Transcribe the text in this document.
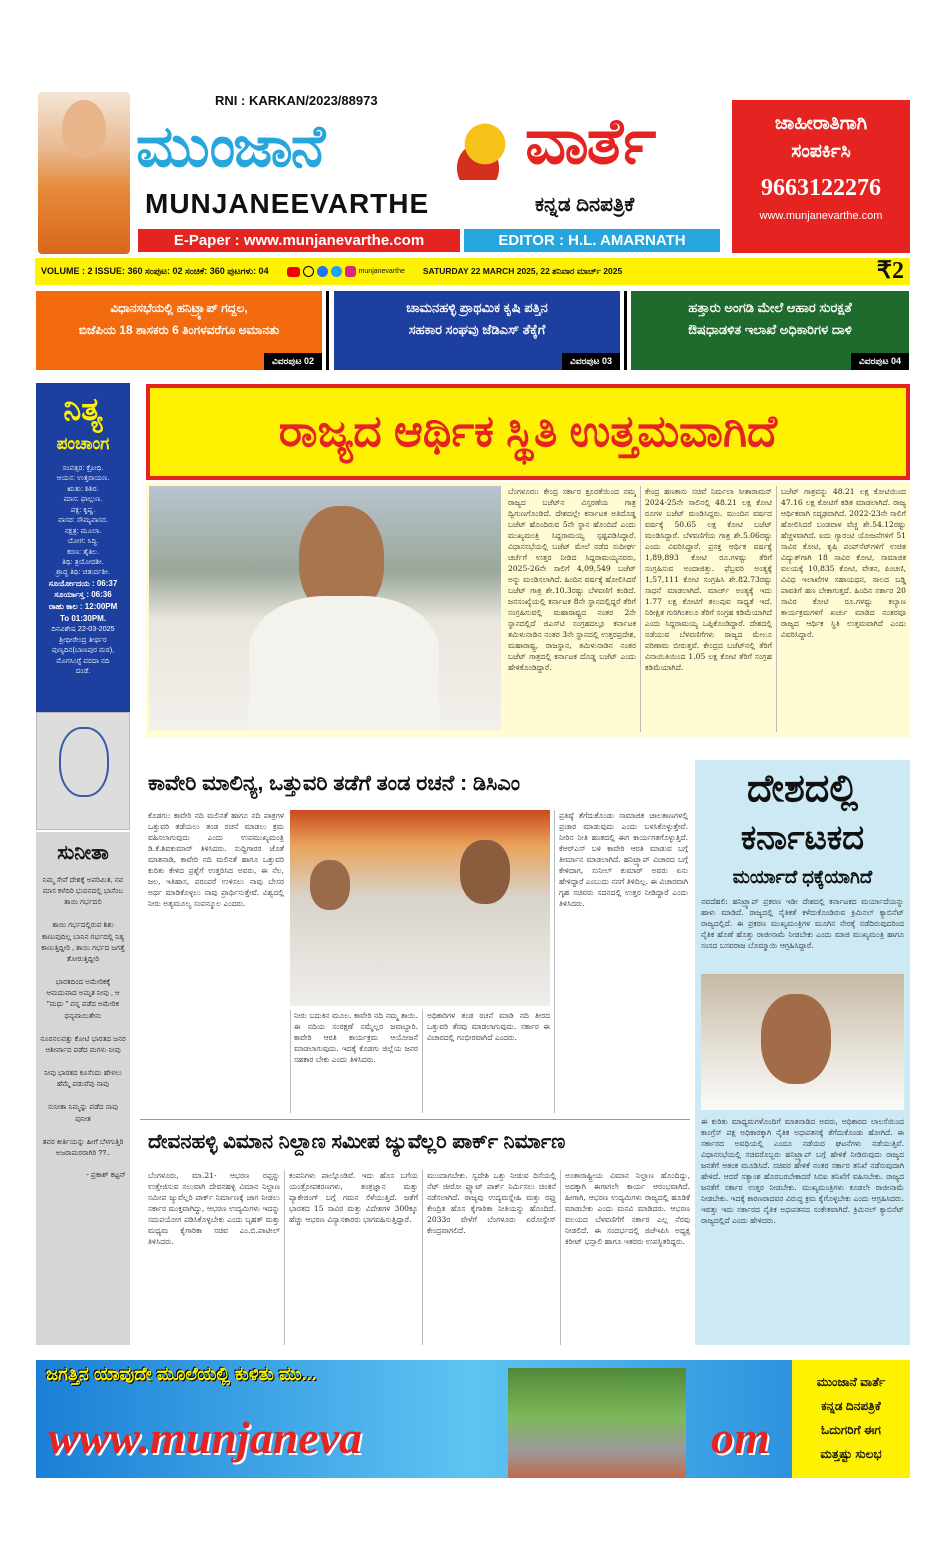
RNI : KARKAN/2023/88973
ಮುಂಜಾನೆ	ವಾರ್ತೆ
MUNJANEEVARTHE	ಕನ್ನಡ ದಿನಪತ್ರಿಕೆ
E-Paper : www.munjanevarthe.com	EDITOR : H.L. AMARNATH
ಜಾಹೀರಾತಿಗಾಗಿ
ಸಂಪರ್ಕಿಸಿ
9663122276
www.munjanevarthe.com
VOLUME : 2 ISSUE: 360 ಸಂಪುಟ: 02 ಸಂಚಿಕೆ: 360 ಪುಟಗಳು: 04	munjanevarthe SATURDAY 22 MARCH 2025, 22 ಶನಿವಾರ ಮಾರ್ಚ್ 2025	₹2
ವಿಧಾನಸಭೆಯಲ್ಲಿ ಹನಿಟ್ರ್ಯಾಪ್ ಗದ್ದಲ,
ಬಿಜೆಪಿಯ 18 ಶಾಸಕರು 6 ತಿಂಗಳವರೆಗೂ ಅಮಾನತು
ವಿವರಪುಟ 02
ಚಾಮನಹಳ್ಳಿ ಪ್ರಾಥಮಿಕ ಕೃಷಿ ಪತ್ತಿನ
ಸಹಕಾರ ಸಂಘವು ಜೆಡಿಎಸ್ ತೆಕ್ಕೆಗೆ
ವಿವರಪುಟ 03
ಹತ್ತಾರು ಅಂಗಡಿ ಮೇಲೆ ಆಹಾರ ಸುರಕ್ಷತೆ
ಔಷಧಾಡಳಿತ ಇಲಾಖೆ ಅಧಿಕಾರಿಗಳ ದಾಳಿ
ವಿವರಪುಟ 04
ನಿತ್ಯ
ಪಂಚಾಂಗ
ಸಂವತ್ಸರ: ಕ್ರೋಧಿ.
ಆಯನ: ಉತ್ತರಾಯಣ.
ಋತು: ಶಿಶಿರ.
ಮಾಸ: ಫಾಲ್ಗುಣ.
ಪಕ್ಷ: ಕೃಷ್ಣ.
ವಾಸರ: ಸೌಮ್ಯವಾಸರ.
ನಕ್ಷತ್ರ: ಮೂಲಾ.
ಯೋಗ: ಸಿದ್ಧಿ.
ಕರಣ: ತೈತಿಲ.
ತಿಥಿ: ತ್ರಯೋದಶೀ.
ಶ್ರಾದ್ಧ ತಿಥಿ: ಚತುರ್ದಶೀ.
ಸೂರ್ಯೋದಯ : 06:37
ಸೂರ್ಯಾಸ್ತ : 06:36
ರಾಹು ಕಾಲ : 12:00PM
To 01:30PM.
ದಿನವಿಶೇಷ 22-03-2025
ಶ್ರೀಧೀರೇಂದ್ರ ತೀರ್ಥರ
ಪುಣ್ಯದಿನ(ಬಾಣಪುರ ಮಠ),
ಮೊಗಸಿಂಗ್ಟೆ ವರದಾ ನದಿ
ದಂಡೆ.
ಸುನೀತಾ
ನಿಮ್ಮ ಸೇವೆ ದೇಶಕ್ಕೆ ಅಪರಿಮಿತ, ನವ ಮಾಸ ಕಳೆದಿರಿ ಭುವನದಲ್ಲಿ ಭಾಸೆಂಬ ತಾಯಿ ಗರ್ಭದಲಿ
ತಾಯಿ ಗರ್ಭದಲ್ಲಿರುವ ಶಿಶು ಕಾಣುವುದಿಲ್ಲ ಬಾನಿನ ಗರ್ಭದಲ್ಲಿ ನಿತ್ಯ ಕಾಣುತ್ತಿದ್ದೀರಿ , ತಾಯಿ ಗರ್ಭದ ಜಗತ್ತೆ ತೋರುತ್ತಿದ್ದೀರಿ
ಭಾರತದಿಂದ ಅಮೇರಿಕಕ್ಕೆ ಆಮದುವಾದ ಅಮೃತ ನೀವು , ಆ ''ಮಧು '' ವನ್ನ ಪಡೆದ ಅಮೇರಿಕ ಧನ್ಯವಾಯಿತೇನು
ನೂರನಲವತ್ತು ಕೋಟಿ ಭಾರತದ ಜನರ ಆಶೀರ್ವಾದ ಪಡೆದ ಮಗಳು ನೀವು
ನೀವು ಭಾರತದ ಕೂಸೆಂದು ಹೇಳಲು ಹೆಮ್ಮೆ ಪಡುವೆವು ನಾವು
ಸುನೀತಾ ನಿಮ್ಮನ್ನು ಪಡೆದ ನಾವು ಪುನೀತ
ತವರ ಕೀರ್ತಿಯನ್ನು ಹೀಗೆ ಬೆಳಗುತ್ತಿರಿ ಅಜರಾಮರರಾಗಿರಿ ??..
- ಪ್ರಕಾಶ್ ಕಟ್ಟನ್
ರಾಜ್ಯದ ಆರ್ಥಿಕ ಸ್ಥಿತಿ ಉತ್ತಮವಾಗಿದೆ
ಬೆಂಗಳೂರು: ಕೇಂದ್ರ ಸರ್ಕಾರ ಕ್ರೂರತೆಯಿಂದ ನಮ್ಮ ರಾಜ್ಯದ ಬಜೆಟ್‌ನ ವಿಸ್ತರಣೆಯ ಗಾತ್ರ ದ್ವಿಗುಣಗೊಂಡಿದೆ. ದೇಶದಲ್ಲೇ ಕರ್ನಾಟಕ ಅತಿದೊಡ್ಡ ಬಜೆಟ್ ಹೊಂದಿರುವ 5ನೇ ಸ್ಥಾನ ಹೊಂದಿದೆ ಎಂದು ಮುಖ್ಯಮಂತ್ರಿ ಸಿದ್ದರಾಮಯ್ಯ ಸ್ಪಷ್ಟಪಡಿಸಿದ್ದಾರೆ. ವಿಧಾನಸಭೆಯಲ್ಲಿ ಬಜೆಟ್ ಮೇಲೆ ನಡೆದ ಸುದೀರ್ಘ ಚರ್ಚೆಗೆ ಉತ್ತರ ನೀಡಿದ ಸಿದ್ದರಾಮಯ್ಯನವರು, 2025-26ನೇ ಸಾಲಿಗೆ 4,09,549 ಬಜೆಟ್ ಅನ್ನು ಮಂಡಿಸಲಾಗಿದೆ. ಹಿಂದಿನ ವರ್ಷಕ್ಕೆ ಹೋಲಿಸಿದರೆ ಬಜೆಟ್ ಗಾತ್ರ ಶೇ.10.3ರಷ್ಟು ಬೆಳವಣಿಗೆ ಕಂಡಿದೆ. ಜನಸಂಖ್ಯೆಯಲ್ಲಿ ಕರ್ನಾಟಕ 8ನೇ ಸ್ಥಾನದಲ್ಲಿದ್ದರೆ ತೆರಿಗೆ ಸಂಗ್ರಹಿಸುವಲ್ಲಿ ಮಹಾರಾಷ್ಟ್ರದ ನಂತರ 2ನೇ ಸ್ಥಾನದಲ್ಲಿದೆ ಜಿಎಸ್‌ಟಿ ಸಂಗ್ರಹದಲ್ಲೂ ಕರ್ನಾಟಕ ತಮಿಳುನಾಡಿನ ನಂತರ 3ನೇ ಸ್ಥಾನದಲ್ಲಿ ಉತ್ತರಪ್ರದೇಶ, ಮಹಾರಾಷ್ಟ್ರ, ರಾಜಸ್ಥಾನ, ತಮಿಳುನಾಡಿನ ನಂತರ ಬಜೆಟ್ ಗಾತ್ರದಲ್ಲಿ ಕರ್ನಾಟಕ ದೊಡ್ಡ ಬಜೆಟ್ ಎಂದು ಹೇಳಿಕೊಂಡಿದ್ದಾರೆ.
ಕೇಂದ್ರ ಹಣಕಾಸು ಸಚಿವೆ ನಿರ್ಮಲಾ ಸೀತಾರಾಮನ್ 2024-25ನೇ ಸಾಲಿನಲ್ಲಿ 48.21 ಲಕ್ಷ ಕೋಟಿ ರೂಗಳ ಬಜೆಟ್ ಮಂಡಿಸಿದ್ದರು. ಮುಂದಿನ ವರ್ಷದ ವರ್ಷಕ್ಕೆ 50.65 ಲಕ್ಷ ಕೋಟಿ ಬಜೆಟ್ ಮಂಡಿಸಿದ್ದಾರೆ. ಬೆಳವಣಿಗೆಯ ಗಾತ್ರ ಶೇ.5.06ರಷ್ಟು ಎಂದು ವಿವರಿಸಿದ್ದಾರೆ. ಪ್ರಸಕ್ತ ಆರ್ಥಿಕ ವರ್ಷಕ್ಕೆ 1,89,893 ಕೋಟಿ ರೂ.ಗಳಷ್ಟು ತೆರಿಗೆ ಸಂಗ್ರಹಿಸುವ ಅಂದಾಜಿತ್ತು. ಫೆಬ್ರವರಿ ಅಂತ್ಯಕ್ಕೆ 1,57,111 ಕೋಟಿ ಸಂಗ್ರಹಿಸಿ ಶೇ.82.73ರಷ್ಟು ಸಾಧನೆ ಮಾಡಲಾಗಿದೆ. ಮಾರ್ಚ್ ಅಂತ್ಯಕ್ಕೆ ಇದು 1.77 ಲಕ್ಷ ಕೋಟಿಗೆ ತಲುಪುವ ಸಾಧ್ಯತೆ ಇದೆ. ನಿರೀಕ್ಷಿತ ಗುರಿಗಿಂತಲೂ ತೆರಿಗೆ ಸಂಗ್ರಹ ಕಡಿಮೆಯಾಗಿದೆ ಎಂದು ಸಿದ್ದರಾಮಯ್ಯ ಒಪ್ಪಿಕೊಂಡಿದ್ದಾರೆ. ದೇಶದಲ್ಲಿ ನಡೆಯುವ ಬೆಳವಣಿಗೆಗಳು ರಾಜ್ಯದ ಮೇಲೂ ಪರಿಣಾಮ ಬೀರುತ್ತವೆ. ಕೇಂದ್ರದ ಬಜೆಟ್‌ನಲ್ಲಿ ತೆರಿಗೆ ವಿನಾಯಿತಿಯಿಂದ 1.05 ಲಕ್ಷ ಕೋಟಿ ತೆರಿಗೆ ಸಂಗ್ರಹ ಕಡಿಮೆಯಾಗಿದೆ.
ಬಜೆಟ್ ಗಾತ್ರವನ್ನು 48.21 ಲಕ್ಷ ಕೋಟಿಯಿಂದ 47.16 ಲಕ್ಷ ಕೋಟಿಗೆ ಕಡಿತ ಮಾಡಲಾಗಿದೆ. ರಾಜ್ಯ ಆರ್ಥಿಕವಾಗಿ ಸದೃಢವಾಗಿದೆ. 2022-23ನೇ ಸಾಲಿಗೆ ಹೋಲಿಸಿದರೆ ಬಂಡವಾಳ ವೆಚ್ಚ ಶೇ.54.12ರಷ್ಟು ಹೆಚ್ಚಳವಾಗಿದೆ. ಐದು ಗ್ಯಾರಂಟಿ ಯೋಜನೆಗಳಿಗೆ 51 ಸಾವಿರ ಕೋಟಿ, ಕೃಷಿ ಪಂಪ್‌ಸೆಟ್‌ಗಳಿಗೆ ಉಚಿತ ವಿದ್ಯುತ್‌ಗಾಗಿ 18 ಸಾವಿರ ಕೋಟಿ, ಸಾಮಾಜಿಕ ವಲಯಕ್ಕೆ 10,835 ಕೋಟಿ, ವೇತನ, ಪಿಂಚಣಿ, ವಿವಿಧ ಇಲಾಖೆಗಳ ಸಹಾಯಧನ, ಸಾಲದ ಬಡ್ಡಿ ಪಾವತಿಗೆ ಹಣ ಬೇಕಾಗುತ್ತದೆ. ಹಿಂದಿನ ಸರ್ಕಾರ 20 ಸಾವಿರ ಕೋಟಿ ರೂ.ಗಳಷ್ಟು ಕಲ್ಯಾಣ ಕಾರ್ಯಕ್ರಮಗಳಿಗೆ ಖರ್ಚು ಮಾಡಿದ ನಂತರವೂ ರಾಜ್ಯದ ಆರ್ಥಿಕ ಸ್ಥಿತಿ ಉತ್ತಮವಾಗಿದೆ ಎಂದು ವಿವರಿಸಿದ್ದಾರೆ.
ಕಾವೇರಿ ಮಾಲಿನ್ಯ, ಒತ್ತುವರಿ ತಡೆಗೆ ತಂಡ ರಚನೆ : ಡಿಸಿಎಂ
ಕೊಡಗು: ಕಾವೇರಿ ನದಿ ಮಲಿನತೆ ಹಾಗೂ ನದಿ ಪಾತ್ರಗಳ ಒತ್ತುವರಿ ತಡೆಯಲು ತಂಡ ರಚನೆ ಮಾಡಲು ಕ್ರಮ ವಹಿಸಲಾಗುವುದು ಎಂದು ಉಪಮುಖ್ಯಮಂತ್ರಿ ಡಿ.ಕೆ.ಶಿವಕುಮಾರ್ ತಿಳಿಸಿದರು. ಸುದ್ದಿಗಾರರ ಜೊತೆ ಮಾತನಾಡಿ, ಕಾವೇರಿ ನದಿ ಮಲಿನತೆ ಹಾಗೂ ಒತ್ತುವರಿ ಕುರಿತು ಕೇಳಿದ ಪ್ರಶ್ನೆಗೆ ಉತ್ತರಿಸಿದ ಅವರು, ಈ ನೆಲ, ಜಲ, ಇತಿಹಾಸ, ಪರಂಪರೆ ಉಳಿಸಲು ನಾವು ಬೇಸರ ಅರ್ಥ ಮಾಡಿಕೊಳ್ಳಲು ನಾವು ಪ್ರಾರ್ಥಿಸುತ್ತೇವೆ. ವಿಶ್ವದಲ್ಲಿ ನೀರು ಅತ್ಯಮೂಲ್ಯ ಸಂಪನ್ಮೂಲ ಎಂದರು.
ನೀರು ಬದುಕಿನ ಮೂಲ. ಕಾವೇರಿ ನದಿ ನಮ್ಮ ತಾಯಿ. ಈ ನದಿಯ ಸಂರಕ್ಷಣೆ ನಮ್ಮೆಲ್ಲರ ಜವಾಬ್ದಾರಿ. ಕಾವೇರಿ ಆರತಿ ಕಾರ್ಯಕ್ರಮ ಆಯೋಜನೆ ಮಾಡಲಾಗುವುದು. ಇದಕ್ಕೆ ಕೊಡಗು ಜಿಲ್ಲೆಯ ಜನರ ಸಹಕಾರ ಬೇಕು ಎಂದು ತಿಳಿಸಿದರು.
ಅಧಿಕಾರಿಗಳ ತಂಡ ರಚನೆ ಮಾಡಿ ನದಿ ತೀರದ ಒತ್ತುವರಿ ತೆರವು ಮಾಡಲಾಗುವುದು. ಸರ್ಕಾರ ಈ ವಿಚಾರದಲ್ಲಿ ಗಂಭೀರವಾಗಿದೆ ಎಂದರು.
ಪ್ರತಿಷ್ಠೆ ತೆಗೆದುಕೊಂಡು ಸಾಮಾಜಿಕ ಜಾಲತಾಣಗಳಲ್ಲಿ ಪ್ರಚಾರ ಮಾಡುವುದು ಎಂದು ಬಳಸಿಕೊಳ್ಳುತ್ತೇವೆ. ನೀರಿನ ನೀತಿ ಹಂತದಲ್ಲಿ ಈಗ ಕಾರ್ಯಗತಗೊಳ್ಳುತ್ತಿದೆ. ಕೆಆರ್‌ಎಸ್ ಬಳಿ ಕಾವೇರಿ ಆರತಿ ಮಾಡುವ ಬಗ್ಗೆ ತೀರ್ಮಾನ ಮಾಡಲಾಗಿದೆ. ಹನಿಟ್ರ್ಯಾಪ್ ವಿಚಾರದ ಬಗ್ಗೆ ಕೇಳಿದಾಗ, ಸುನೀಲ್ ಕುಮಾರ್ ಅವರು ಏನು ಹೇಳಿದ್ದಾರೆ ಎಂಬುದು ನನಗೆ ತಿಳಿದಿಲ್ಲ. ಈ ವಿಚಾರವಾಗಿ ಗೃಹ ಸಚಿವರು ಸದನದಲ್ಲಿ ಉತ್ತರ ನೀಡಿದ್ದಾರೆ ಎಂದು ತಿಳಿಸಿದರು.
ದೇಶದಲ್ಲಿ
ಕರ್ನಾಟಕದ
ಮರ್ಯಾದೆ ಧಕ್ಕೆಯಾಗಿದೆ
ನವದೆಹಲಿ: ಹನಿಟ್ರ್ಯಾಪ್ ಪ್ರಕರಣ ಇಡೀ ದೇಶದಲ್ಲಿ ಕರ್ನಾಟಕದ ಮರ್ಯಾದೆಯನ್ನು ಹಾಳು ಮಾಡಿದೆ. ರಾಜ್ಯದಲ್ಲಿ ನೈತಿಕತೆ ಕಳೆದುಕೊಂಡಿರುವ ಕ್ರಿಮಿನಲ್ ಕ್ಯಾಬಿನೆಟ್ ರಾಜ್ಯದಲ್ಲಿದೆ. ಈ ಪ್ರಕರಣ ಮುಖ್ಯಮಂತ್ರಿಗಳ ಮೂಗಿನ ನೇರಕ್ಕೆ ನಡೆದಿರುವುದರಿಂದ ನೈತಿಕ ಹೊಣೆ ಹೊತ್ತು ರಾಜೀನಾಮೆ ನೀಡಬೇಕು ಎಂದು ಮಾಜಿ ಮುಖ್ಯಮಂತ್ರಿ ಹಾಗೂ ಸಂಸದ ಬಸವರಾಜ ಬೊಮ್ಮಾಯಿ ಆಗ್ರಹಿಸಿದ್ದಾರೆ.
ಈ ಕುರಿತು ಮಾಧ್ಯಮಗಳೊಂದಿಗೆ ಮಾತನಾಡಿದ ಅವರು, ಅಧಿಕಾರದ ಲಾಲಸೆಯಿಂದ ಕಾಂಗ್ರೆಸ್ ಪಕ್ಷ ಅಧಿಕಾರಕ್ಕಾಗಿ ನೈತಿಕ ಅಧಃಪತನಕ್ಕೆ ತೆಗೆದುಕೊಂಡು ಹೋಗಿದೆ. ಈ ಸರ್ಕಾರದ ಅವಧಿಯಲ್ಲಿ ಎಂದೂ ನಡೆಯದ ಘಟನೆಗಳು ನಡೆಯುತ್ತಿವೆ. ವಿಧಾನಸಭೆಯಲ್ಲಿ ಸಚಿವರೊಬ್ಬರು ಹನಿಟ್ರ್ಯಾಪ್ ಬಗ್ಗೆ ಹೇಳಿಕೆ ನೀಡಿರುವುದು ರಾಜ್ಯದ ಜನತೆಗೆ ಆತಂಕ ಮೂಡಿಸಿದೆ. ಸಚಿವರ ಹೇಳಿಕೆ ನಂತರ ಸರ್ಕಾರ ತನಿಖೆ ನಡೆಸುವುದಾಗಿ ಹೇಳಿದೆ. ಆದರೆ ಸತ್ಯಾಂಶ ಹೊರಬರಬೇಕಾದರೆ ಸಿಬಿಐ ತನಿಖೆಗೆ ವಹಿಸಬೇಕು. ರಾಜ್ಯದ ಜನತೆಗೆ ಸರ್ಕಾರ ಉತ್ತರ ನೀಡಬೇಕು. ಮುಖ್ಯಮಂತ್ರಿಗಳು ಕೂಡಲೇ ರಾಜೀನಾಮೆ ನೀಡಬೇಕು. ಇದಕ್ಕೆ ಕಾರಣರಾದವರ ವಿರುದ್ಧ ಕ್ರಮ ಕೈಗೊಳ್ಳಬೇಕು ಎಂದು ಆಗ್ರಹಿಸಿದರು. ಇವತ್ತು ಇದು ಸರ್ಕಾರದ ನೈತಿಕ ಅಧಃಪತನದ ಸಂಕೇತವಾಗಿದೆ. ಕ್ರಿಮಿನಲ್ ಕ್ಯಾಬಿನೆಟ್ ರಾಜ್ಯದಲ್ಲಿದೆ ಎಂದು ಹೇಳಿದರು.
ದೇವನಹಳ್ಳಿ ವಿಮಾನ ನಿಲ್ದಾಣ ಸಮೀಪ ಜ್ಯುವೆಲ್ಲರಿ ಪಾರ್ಕ್ ನಿರ್ಮಾಣ
ಬೆಂಗಳೂರು, ಮಾ.21- ಆಭರಣ ರಫ್ತನ್ನು ಉತ್ತೇಜಿಸುವ ಸಲುವಾಗಿ ದೇವನಹಳ್ಳಿ ವಿಮಾನ ನಿಲ್ದಾಣ ಸಮೀಪ ಜ್ಯುವೆಲ್ಲರಿ ಪಾರ್ಕ್ ನಿರ್ಮಾಣಕ್ಕೆ ಜಾಗ ನೀಡಲು ಸರ್ಕಾರ ಮುಕ್ತವಾಗಿದ್ದು, ಆಭರಣ ಉದ್ಯಮಿಗಳು ಇದನ್ನು ಸದುಪಯೋಗ ಪಡಿಸಿಕೊಳ್ಳಬೇಕು ಎಂದು ಬೃಹತ್ ಮತ್ತು ಮಧ್ಯಮ ಕೈಗಾರಿಕಾ ಸಚಿವ ಎಂ.ಬಿ.ಪಾಟೀಲ್ ತಿಳಿಸಿದರು.
ಕಂಪನಿಗಳು ಪಾಲ್ಗೊಂಡಿವೆ. ಇದು ಹೊಸ ಬಗೆಯ ಯಂತ್ರೋಪಕರಣಗಳು, ತಂತ್ರಜ್ಞಾನ ಮತ್ತು ಪ್ಯಾಕೇಜಿಂಗ್ ಬಗ್ಗೆ ಗಮನ ಸೆಳೆಯುತ್ತಿದೆ. ಜತೆಗೆ ಭಾರತದ 15 ಸಾವಿರ ಮತ್ತು ವಿದೇಶಗಳ 300ಕ್ಕೂ ಹೆಚ್ಚು ಆಭರಣ ವಿನ್ಯಾಸಕಾರರು ಭಾಗವಹಿಸುತ್ತಿದ್ದಾರೆ.
ಮುಂದಾಗಬೇಕು. ಸ್ವದೇಶಿ ಒತ್ತು ನೀಡುವ ದಿಸೆಯಲ್ಲಿ ನೆಟ್ ಜೀರೋ ಪ್ಲ್ಯಾಟ್ ಪಾರ್ಕ್ ನಿರ್ಮಿಸಲು ಚಿಂತನೆ ನಡೆಸಲಾಗಿದೆ. ರಾಜ್ಯವು ಉದ್ಯಮಸ್ನೇಹಿ ಮತ್ತು ರಫ್ತು ಕೇಂದ್ರಿತ ಹೊಸ ಕೈಗಾರಿಕಾ ನೀತಿಯನ್ನು ಹೊಂದಿದೆ. 2033ರ ವೇಳೆಗೆ ಬೆಂಗಳೂರು ಏರೋಸ್ಪೇಸ್ ಕೇಂದ್ರವಾಗಲಿದೆ.
ಅಂತಾರಾಷ್ಟ್ರೀಯ ವಿಮಾನ ನಿಲ್ದಾಣ ಹೊಂದಿದ್ದು, ಅದಕ್ಕಾಗಿ ಈಗಾಗಲೇ ಕಾರ್ಯ ಆರಂಭವಾಗಿದೆ. ಹೀಗಾಗಿ, ಆಭರಣ ಉದ್ಯಮಿಗಳು ರಾಜ್ಯದಲ್ಲಿ ಹೂಡಿಕೆ ಮಾಡಬೇಕು ಎಂದು ಮನವಿ ಮಾಡಿದರು. ಆಭರಣ ವಲಯದ ಬೆಳವಣಿಗೆಗೆ ಸರ್ಕಾರ ಎಲ್ಲ ನೆರವು ನೀಡಲಿದೆ. ಈ ಸಂದರ್ಭದಲ್ಲಿ ಜಿಜೆಇಪಿಸಿ ಅಧ್ಯಕ್ಷ ಕಿರೀಟ್ ಭನ್ಸಾಲಿ ಹಾಗೂ ಇತರರು ಉಪಸ್ಥಿತರಿದ್ದರು.
ಜಗತ್ತಿನ ಯಾವುದೇ ಮೂಲೆಯಲ್ಲಿ ಕುಳಿತು ಮು...
www.munjaneva	om
ಮುಂಜಾನೆ ವಾರ್ತೆ
ಕನ್ನಡ ದಿನಪತ್ರಿಕೆ
ಓದುಗರಿಗೆ ಈಗ
ಮತ್ತಷ್ಟು ಸುಲಭ
